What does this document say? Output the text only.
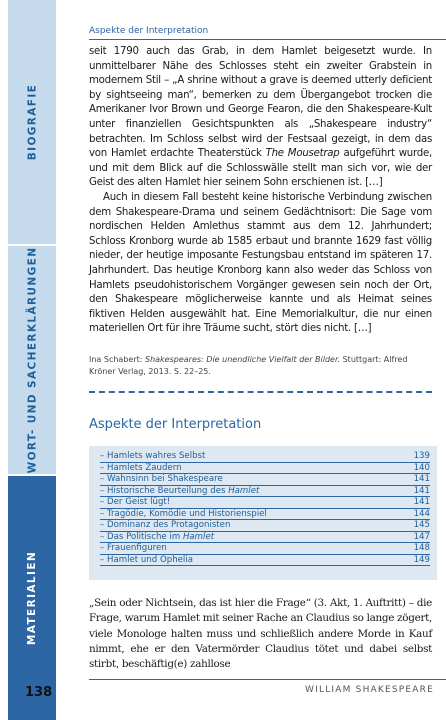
BIOGRAFIE
WORT- UND SACHERKLÄRUNGEN
MATERIALIEN
138
Aspekte der Interpretation

seit 1790 auch das Grab, in dem Hamlet beigesetzt wurde. In unmittelbarer Nähe des Schlosses steht ein zweiter Grabstein in modernem Stil – „A shrine without a grave is deemed utterly deficient by sightseeing man“, bemerken zu dem Übergangebot trocken die Amerikaner Ivor Brown und George Fearon, die den Shakespeare-Kult unter finanziellen Gesichtspunkten als „Shakespeare industry“ betrachten. Im Schloss selbst wird der Festsaal gezeigt, in dem das von Hamlet erdachte Theaterstück The Mousetrap aufgeführt wurde, und mit dem Blick auf die Schlosswälle stellt man sich vor, wie der Geist des alten Hamlet hier seinem Sohn erschienen ist. […]

Auch in diesem Fall besteht keine historische Verbindung zwischen dem Shakespeare-Drama und seinem Gedächtnisort: Die Sage vom nordischen Helden Amlethus stammt aus dem 12. Jahrhundert; Schloss Kronborg wurde ab 1585 erbaut und brannte 1629 fast völlig nieder, der heutige imposante Festungsbau entstand im späteren 17. Jahrhundert. Das heutige Kronborg kann also weder das Schloss von Hamlets pseudohistorischem Vorgänger gewesen sein noch der Ort, den Shakespeare möglicherweise kannte und als Heimat seines fiktiven Helden ausgewählt hat. Eine Memorialkultur, die nur einen materiellen Ort für ihre Träume sucht, stört dies nicht. […]

Ina Schabert: Shakespeares: Die unendliche Vielfalt der Bilder. Stuttgart: Alfred Kröner Verlag, 2013. S. 22–25.
Aspekte der Interpretation
– Hamlets wahres Selbst	139
– Hamlets Zaudern	140
– Wahnsinn bei Shakespeare	141
– Historische Beurteilung des Hamlet	141
– Der Geist lügt!	141
– Tragödie, Komödie und Historienspiel	144
– Dominanz des Protagonisten	145
– Das Politische im Hamlet	147
– Frauenfiguren	148
– Hamlet und Ophelia	149

„Sein oder Nichtsein, das ist hier die Frage“ (3. Akt, 1. Auftritt) – die Frage, warum Hamlet mit seiner Rache an Claudius so lange zögert, viele Monologe halten muss und schließlich andere Morde in Kauf nimmt, ehe er den Vatermörder Claudius tötet und dabei selbst stirbt, beschäftig(e) zahllose

WILLIAM SHAKESPEARE
